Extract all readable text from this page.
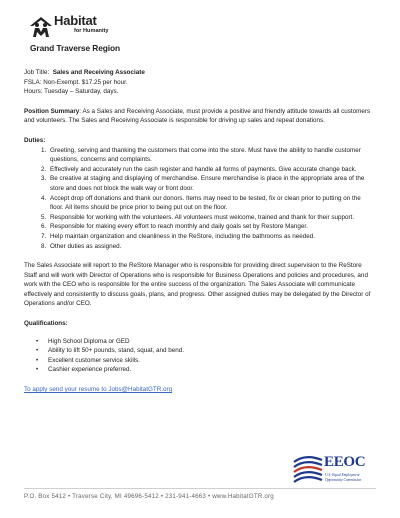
Habitat
for Humanity
Grand Traverse Region

Job Title: Sales and Receiving Associate

FSLA: Non-Exempt. $17.25 per hour.

Hours: Tuesday – Saturday, days.

Position Summary: As a Sales and Receiving Associate, must provide a positive and friendly attitude towards all customers and volunteers. The Sales and Receiving Associate is responsible for driving up sales and repeat donations.

Duties:

1. Greeting, serving and thanking the customers that come into the store. Must have the ability to handle customer questions, concerns and complaints.
2. Effectively and accurately run the cash register and handle all forms of payments. Give accurate change back.
3. Be creative at staging and displaying of merchandise. Ensure merchandise is place in the appropriate area of the store and does not block the walk way or front door.
4. Accept drop off donations and thank our donors. Items may need to be tested, fix or clean prior to putting on the floor. All items should be price prior to being put out on the floor.
5. Responsible for working with the volunteers. All volunteers must welcome, trained and thank for their support.
6. Responsible for making every effort to reach monthly and daily goals set by Restore Manger.
7. Help maintain organization and cleanliness in the ReStore, including the bathrooms as needed.
8. Other duties as assigned.

The Sales Associate will report to the ReStore Manager who is responsible for providing direct supervision to the ReStore Staff and will work with Director of Operations who is responsible for Business Operations and policies and procedures, and work with the CEO who is responsible for the entire success of the organization. The Sales Associate will communicate effectively and consistently to discuss goals, plans, and progress. Other assigned duties may be delegated by the Director of Operations and/or CEO.

Qualifications:

• High School Diploma or GED
• Ability to lift 50+ pounds, stand, squat, and bend.
• Excellent customer service skills.
• Cashier experience preferred.

To apply send your resume to Jobs@HabitatGTR.org

EEOC
U.S. Equal Employment
Opportunity Commission
P.O. Box 5412 • Traverse City, MI 49696-5412 • 231-941-4663 • www.HabitatGTR.org
